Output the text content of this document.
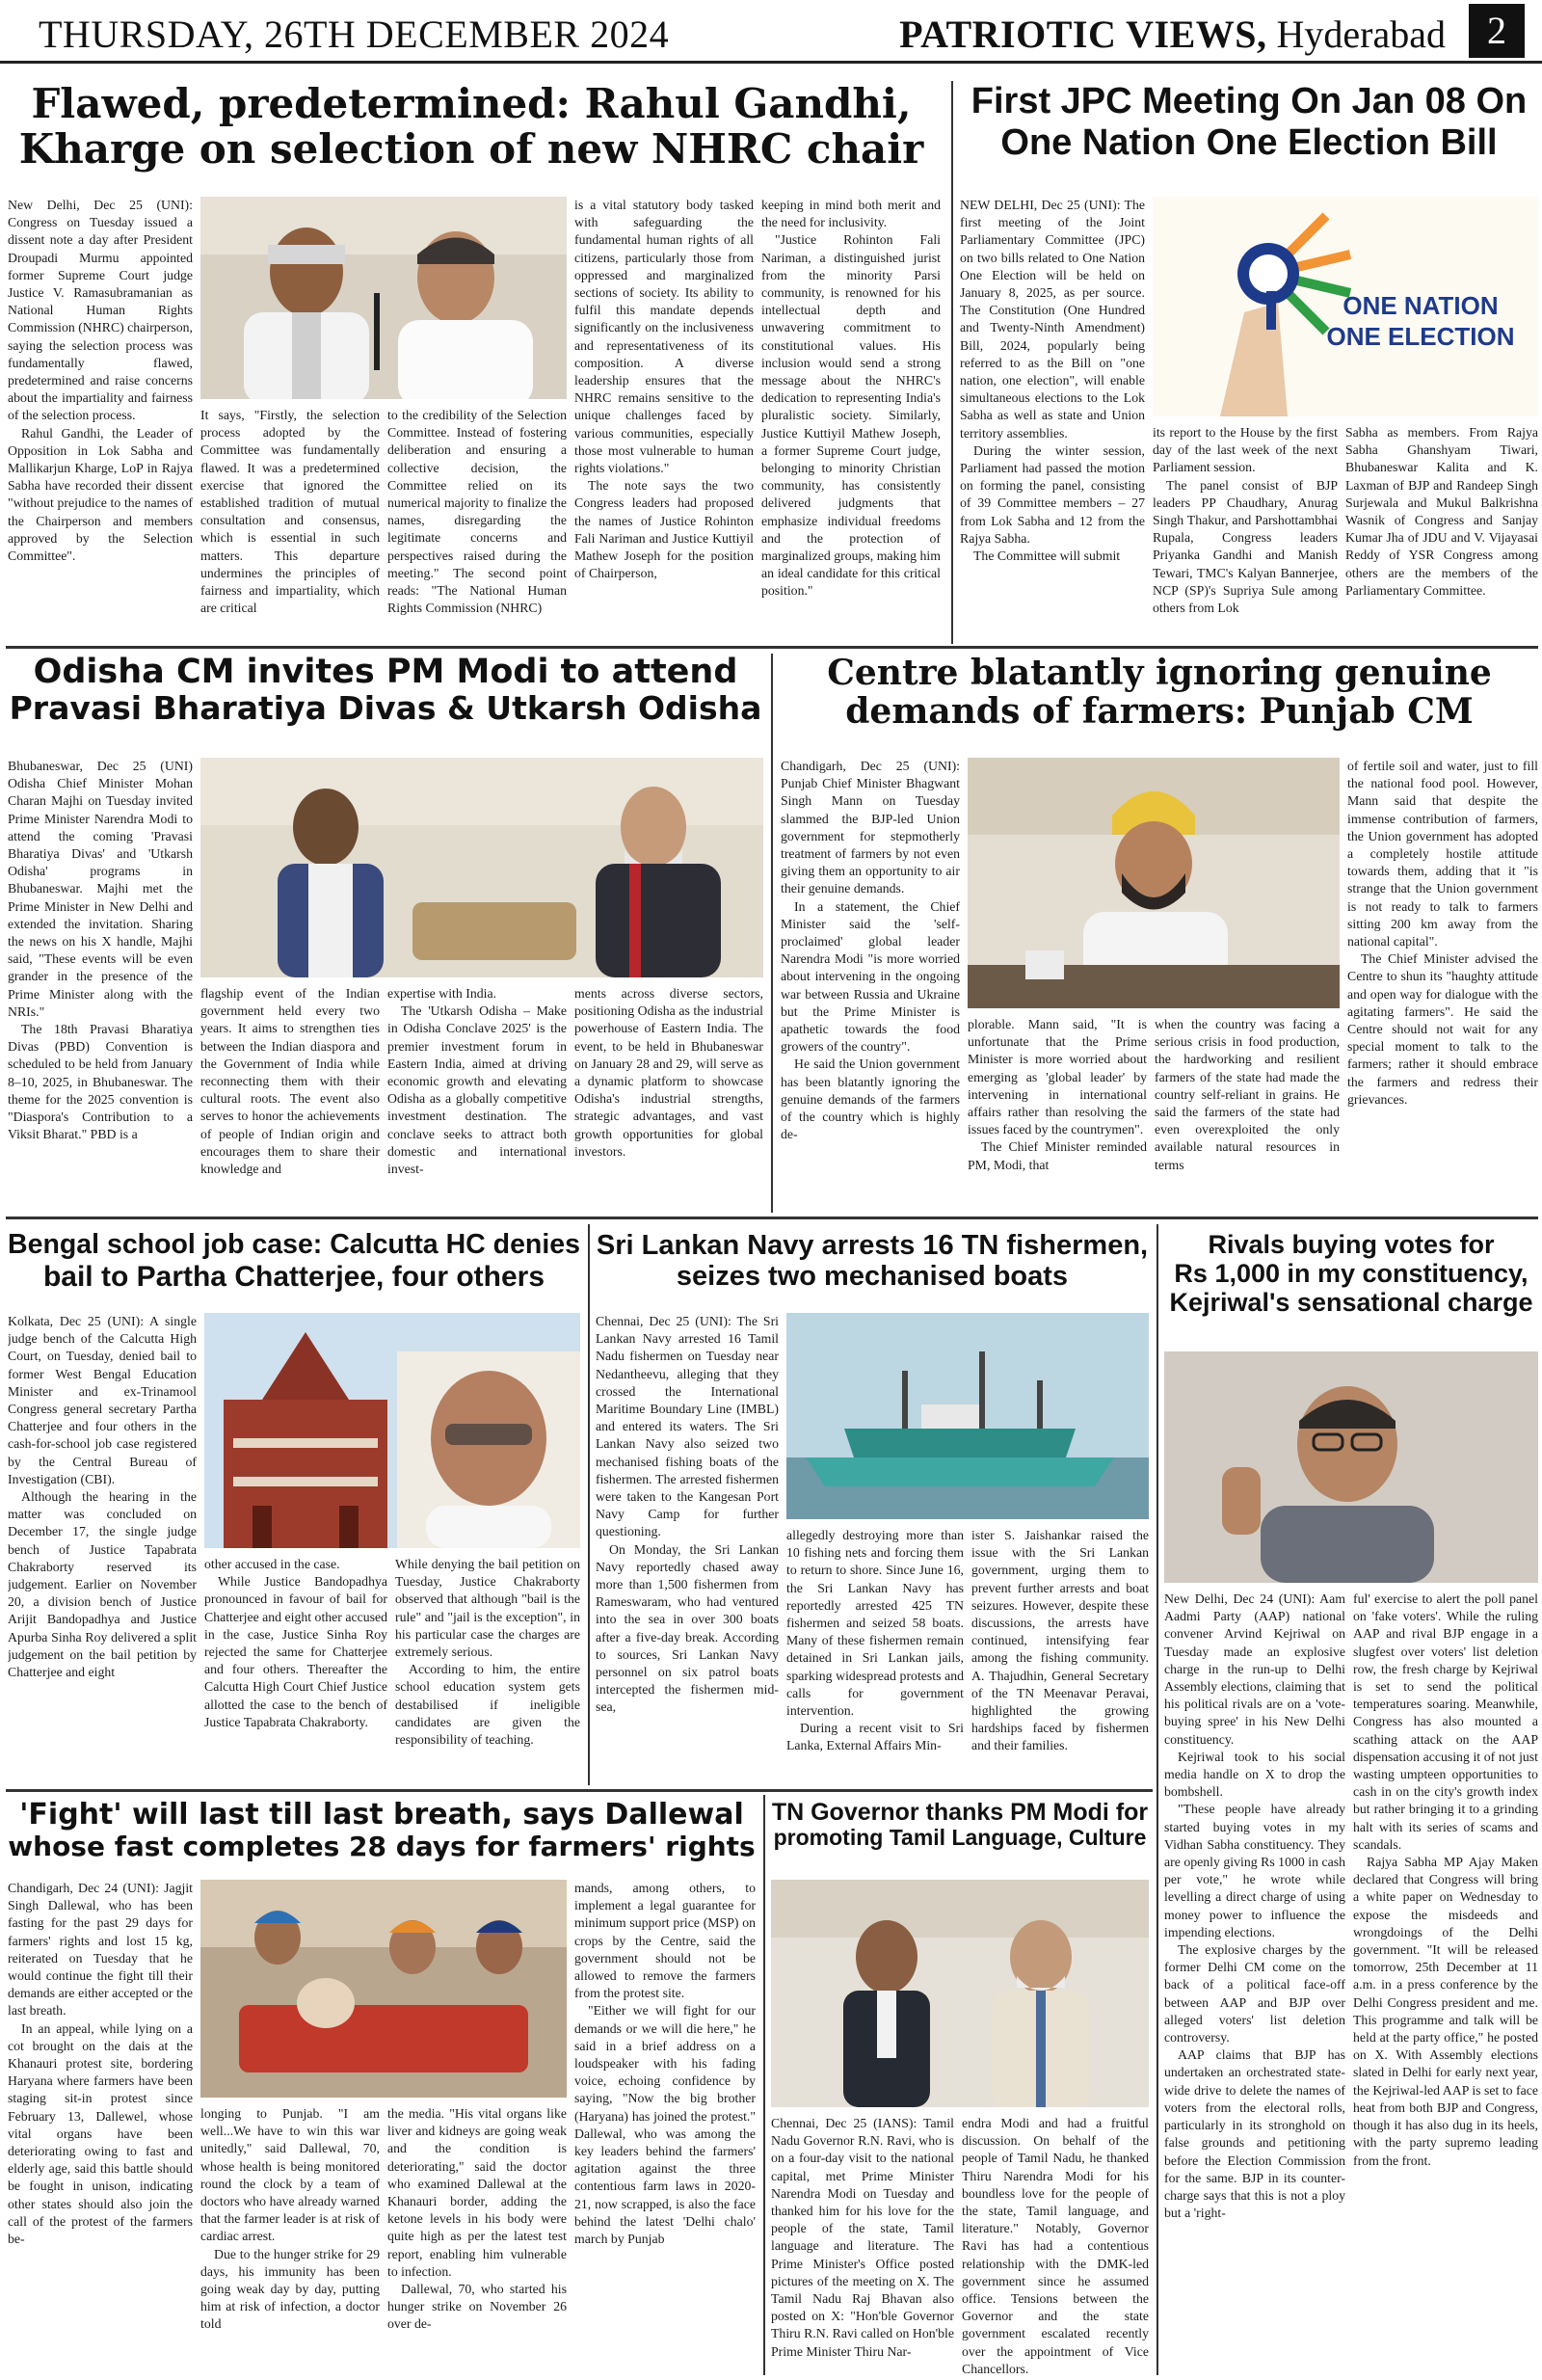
THURSDAY, 26TH DECEMBER 2024	PATRIOTIC VIEWS, Hyderabad	2
Flawed, predetermined: Rahul Gandhi,
Kharge on selection of new NHRC chair

New Delhi, Dec 25 (UNI): Congress on Tuesday issued a dissent note a day after President Droupadi Murmu appointed former Supreme Court judge Justice V. Ramasubramanian as National Human Rights Commission (NHRC) chairperson, saying the selection process was fundamentally flawed, predetermined and raise concerns about the impartiality and fairness of the selection process.

Rahul Gandhi, the Leader of Opposition in Lok Sabha and Mallikarjun Kharge, LoP in Rajya Sabha have recorded their dissent "without prejudice to the names of the Chairperson and members approved by the Selection Committee".

It says, "Firstly, the selection process adopted by the Committee was fundamentally flawed. It was a predetermined exercise that ignored the established tradition of mutual consultation and consensus, which is essential in such matters. This departure undermines the principles of fairness and impartiality, which are critical

to the credibility of the Selection Committee. Instead of fostering deliberation and ensuring a collective decision, the Committee relied on its numerical majority to finalize the names, disregarding the legitimate concerns and perspectives raised during the meeting." The second point reads: "The National Human Rights Commission (NHRC)

is a vital statutory body tasked with safeguarding the fundamental human rights of all citizens, particularly those from oppressed and marginalized sections of society. Its ability to fulfil this mandate depends significantly on the inclusiveness and representativeness of its composition. A diverse leadership ensures that the NHRC remains sensitive to the unique challenges faced by various communities, especially those most vulnerable to human rights violations."

The note says the two Congress leaders had proposed the names of Justice Rohinton Fali Nariman and Justice Kuttiyil Mathew Joseph for the position of Chairperson,

keeping in mind both merit and the need for inclusivity.

"Justice Rohinton Fali Nariman, a distinguished jurist from the minority Parsi community, is renowned for his intellectual depth and unwavering commitment to constitutional values. His inclusion would send a strong message about the NHRC's dedication to representing India's pluralistic society. Similarly, Justice Kuttiyil Mathew Joseph, a former Supreme Court judge, belonging to minority Christian community, has consistently delivered judgments that emphasize individual freedoms and the protection of marginalized groups, making him an ideal candidate for this critical position."

First JPC Meeting On Jan 08 On
One Nation One Election Bill

NEW DELHI, Dec 25 (UNI): The first meeting of the Joint Parliamentary Committee (JPC) on two bills related to One Nation One Election will be held on January 8, 2025, as per source. The Constitution (One Hundred and Twenty-Ninth Amendment) Bill, 2024, popularly being referred to as the Bill on "one nation, one election", will enable simultaneous elections to the Lok Sabha as well as state and Union territory assemblies.

During the winter session, Parliament had passed the motion on forming the panel, consisting of 39 Committee members – 27 from Lok Sabha and 12 from the Rajya Sabha.

The Committee will submit

ONE NATION
ONE ELECTION

its report to the House by the first day of the last week of the next Parliament session.

The panel consist of BJP leaders PP Chaudhary, Anurag Singh Thakur, and Parshottambhai Rupala, Congress leaders Priyanka Gandhi and Manish Tewari, TMC's Kalyan Bannerjee, NCP (SP)'s Supriya Sule among others from Lok

Sabha as members. From Rajya Sabha Ghanshyam Tiwari, Bhubaneswar Kalita and K. Laxman of BJP and Randeep Singh Surjewala and Mukul Balkrishna Wasnik of Congress and Sanjay Kumar Jha of JDU and V. Vijayasai Reddy of YSR Congress among others are the members of the Parliamentary Committee.

Odisha CM invites PM Modi to attend
Pravasi Bharatiya Divas & Utkarsh Odisha

Bhubaneswar, Dec 25 (UNI) Odisha Chief Minister Mohan Charan Majhi on Tuesday invited Prime Minister Narendra Modi to attend the coming 'Pravasi Bharatiya Divas' and 'Utkarsh Odisha' programs in Bhubaneswar. Majhi met the Prime Minister in New Delhi and extended the invitation. Sharing the news on his X handle, Majhi said, "These events will be even grander in the presence of the Prime Minister along with the NRIs."

The 18th Pravasi Bharatiya Divas (PBD) Convention is scheduled to be held from January 8–10, 2025, in Bhubaneswar. The theme for the 2025 convention is "Diaspora's Contribution to a Viksit Bharat." PBD is a

flagship event of the Indian government held every two years. It aims to strengthen ties between the Indian diaspora and the Government of India while reconnecting them with their cultural roots. The event also serves to honor the achievements of people of Indian origin and encourages them to share their knowledge and

expertise with India.

The 'Utkarsh Odisha – Make in Odisha Conclave 2025' is the premier investment forum in Eastern India, aimed at driving economic growth and elevating Odisha as a globally competitive investment destination. The conclave seeks to attract both domestic and international invest-

ments across diverse sectors, positioning Odisha as the industrial powerhouse of Eastern India. The event, to be held in Bhubaneswar on January 28 and 29, will serve as a dynamic platform to showcase Odisha's industrial strengths, strategic advantages, and vast growth opportunities for global investors.

Centre blatantly ignoring genuine
demands of farmers: Punjab CM

Chandigarh, Dec 25 (UNI): Punjab Chief Minister Bhagwant Singh Mann on Tuesday slammed the BJP-led Union government for stepmotherly treatment of farmers by not even giving them an opportunity to air their genuine demands.

In a statement, the Chief Minister said the 'self-proclaimed' global leader Narendra Modi "is more worried about intervening in the ongoing war between Russia and Ukraine but the Prime Minister is apathetic towards the food growers of the country".

He said the Union government has been blatantly ignoring the genuine demands of the farmers of the country which is highly de-

plorable. Mann said, "It is unfortunate that the Prime Minister is more worried about emerging as 'global leader' by intervening in international affairs rather than resolving the issues faced by the countrymen".

The Chief Minister reminded PM, Modi, that

when the country was facing a serious crisis in food production, the hardworking and resilient farmers of the state had made the country self-reliant in grains. He said the farmers of the state had even overexploited the only available natural resources in terms

of fertile soil and water, just to fill the national food pool. However, Mann said that despite the immense contribution of farmers, the Union government has adopted a completely hostile attitude towards them, adding that it "is strange that the Union government is not ready to talk to farmers sitting 200 km away from the national capital".

The Chief Minister advised the Centre to shun its "haughty attitude and open way for dialogue with the agitating farmers". He said the Centre should not wait for any special moment to talk to the farmers; rather it should embrace the farmers and redress their grievances.

Bengal school job case: Calcutta HC denies
bail to Partha Chatterjee, four others

Kolkata, Dec 25 (UNI): A single judge bench of the Calcutta High Court, on Tuesday, denied bail to former West Bengal Education Minister and ex-Trinamool Congress general secretary Partha Chatterjee and four others in the cash-for-school job case registered by the Central Bureau of Investigation (CBI).

Although the hearing in the matter was concluded on December 17, the single judge bench of Justice Tapabrata Chakraborty reserved its judgement. Earlier on November 20, a division bench of Justice Arijit Bandopadhya and Justice Apurba Sinha Roy delivered a split judgement on the bail petition by Chatterjee and eight

other accused in the case.

While Justice Bandopadhya pronounced in favour of bail for Chatterjee and eight other accused in the case, Justice Sinha Roy rejected the same for Chatterjee and four others. Thereafter the Calcutta High Court Chief Justice allotted the case to the bench of Justice Tapabrata Chakraborty.

While denying the bail petition on Tuesday, Justice Chakraborty observed that although "bail is the rule" and "jail is the exception", in his particular case the charges are extremely serious.

According to him, the entire school education system gets destabilised if ineligible candidates are given the responsibility of teaching.

Sri Lankan Navy arrests 16 TN fishermen,
seizes two mechanised boats

Chennai, Dec 25 (UNI): The Sri Lankan Navy arrested 16 Tamil Nadu fishermen on Tuesday near Nedantheevu, alleging that they crossed the International Maritime Boundary Line (IMBL) and entered its waters. The Sri Lankan Navy also seized two mechanised fishing boats of the fishermen. The arrested fishermen were taken to the Kangesan Port Navy Camp for further questioning.

On Monday, the Sri Lankan Navy reportedly chased away more than 1,500 fishermen from Rameswaram, who had ventured into the sea in over 300 boats after a five-day break. According to sources, Sri Lankan Navy personnel on six patrol boats intercepted the fishermen mid-sea,

allegedly destroying more than 10 fishing nets and forcing them to return to shore. Since June 16, the Sri Lankan Navy has reportedly arrested 425 TN fishermen and seized 58 boats. Many of these fishermen remain detained in Sri Lankan jails, sparking widespread protests and calls for government intervention.

During a recent visit to Sri Lanka, External Affairs Min-

ister S. Jaishankar raised the issue with the Sri Lankan government, urging them to prevent further arrests and boat seizures. However, despite these discussions, the arrests have continued, intensifying fear among the fishing community. A. Thajudhin, General Secretary of the TN Meenavar Peravai, highlighted the growing hardships faced by fishermen and their families.

Rivals buying votes for
Rs 1,000 in my constituency,
Kejriwal's sensational charge

New Delhi, Dec 24 (UNI): Aam Aadmi Party (AAP) national convener Arvind Kejriwal on Tuesday made an explosive charge in the run-up to Delhi Assembly elections, claiming that his political rivals are on a 'vote-buying spree' in his New Delhi constituency.

Kejriwal took to his social media handle on X to drop the bombshell.

"These people have already started buying votes in my Vidhan Sabha constituency. They are openly giving Rs 1000 in cash per vote," he wrote while levelling a direct charge of using money power to influence the impending elections.

The explosive charges by the former Delhi CM come on the back of a political face-off between AAP and BJP over alleged voters' list deletion controversy.

AAP claims that BJP has undertaken an orchestrated state-wide drive to delete the names of voters from the electoral rolls, particularly in its stronghold on false grounds and petitioning before the Election Commission for the same. BJP in its counter-charge says that this is not a ploy but a 'right-

ful' exercise to alert the poll panel on 'fake voters'. While the ruling AAP and rival BJP engage in a slugfest over voters' list deletion row, the fresh charge by Kejriwal is set to send the political temperatures soaring. Meanwhile, Congress has also mounted a scathing attack on the AAP dispensation accusing it of not just wasting umpteen opportunities to cash in on the city's growth index but rather bringing it to a grinding halt with its series of scams and scandals.

Rajya Sabha MP Ajay Maken declared that Congress will bring a white paper on Wednesday to expose the misdeeds and wrongdoings of the Delhi government. "It will be released tomorrow, 25th December at 11 a.m. in a press conference by the Delhi Congress president and me. This programme and talk will be held at the party office," he posted on X. With Assembly elections slated in Delhi for early next year, the Kejriwal-led AAP is set to face heat from both BJP and Congress, though it has also dug in its heels, with the party supremo leading from the front.

'Fight' will last till last breath, says Dallewal
whose fast completes 28 days for farmers' rights

Chandigarh, Dec 24 (UNI): Jagjit Singh Dallewal, who has been fasting for the past 29 days for farmers' rights and lost 15 kg, reiterated on Tuesday that he would continue the fight till their demands are either accepted or the last breath.

In an appeal, while lying on a cot brought on the dais at the Khanauri protest site, bordering Haryana where farmers have been staging sit-in protest since February 13, Dallewel, whose vital organs have been deteriorating owing to fast and elderly age, said this battle should be fought in unison, indicating other states should also join the call of the protest of the farmers be-

longing to Punjab. "I am well...We have to win this war unitedly," said Dallewal, 70, whose health is being monitored round the clock by a team of doctors who have already warned that the farmer leader is at risk of cardiac arrest.

Due to the hunger strike for 29 days, his immunity has been going weak day by day, putting him at risk of infection, a doctor told

the media. "His vital organs like liver and kidneys are going weak and the condition is deteriorating," said the doctor who examined Dallewal at the Khanauri border, adding the ketone levels in his body were quite high as per the latest test report, enabling him vulnerable to infection.

Dallewal, 70, who started his hunger strike on November 26 over de-

mands, among others, to implement a legal guarantee for minimum support price (MSP) on crops by the Centre, said the government should not be allowed to remove the farmers from the protest site.

"Either we will fight for our demands or we will die here," he said in a brief address on a loudspeaker with his fading voice, echoing confidence by saying, "Now the big brother (Haryana) has joined the protest." Dallewal, who was among the key leaders behind the farmers' agitation against the three contentious farm laws in 2020-21, now scrapped, is also the face behind the latest 'Delhi chalo' march by Punjab

TN Governor thanks PM Modi for
promoting Tamil Language, Culture

Chennai, Dec 25 (IANS): Tamil Nadu Governor R.N. Ravi, who is on a four-day visit to the national capital, met Prime Minister Narendra Modi on Tuesday and thanked him for his love for the people of the state, Tamil language and literature. The Prime Minister's Office posted pictures of the meeting on X. The Tamil Nadu Raj Bhavan also posted on X: "Hon'ble Governor Thiru R.N. Ravi called on Hon'ble Prime Minister Thiru Nar-

endra Modi and had a fruitful discussion. On behalf of the people of Tamil Nadu, he thanked Thiru Narendra Modi for his boundless love for the people of the state, Tamil language, and literature." Notably, Governor Ravi has had a contentious relationship with the DMK-led government since he assumed office. Tensions between the Governor and the state government escalated recently over the appointment of Vice Chancellors.
